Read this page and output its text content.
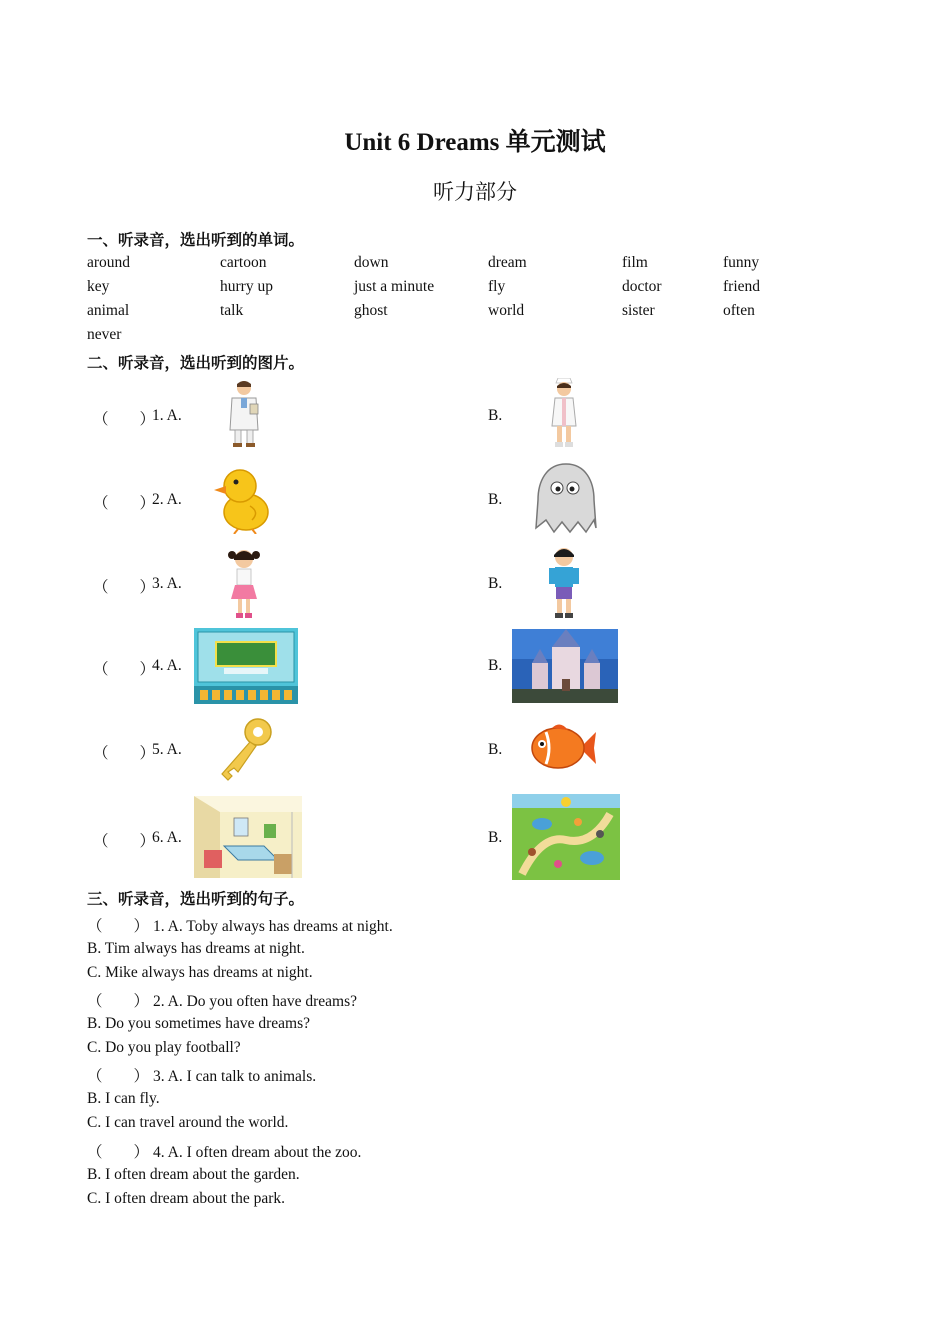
Unit 6 Dreams 单元测试
听力部分
一、听录音，选出听到的单词。
around	cartoon	down	dream	film	funny
key	hurry up	just a minute	fly	doctor	friend
animal	talk	ghost	world	sister	often
never
二、听录音，选出听到的图片。
（        ）
1. A.	B.
（        ）
2. A.	B.
（        ）
3. A.	B.
（        ）
4. A.	B.
（        ）
5. A.	B.
（        ）
6. A.	B.
三、听录音，选出听到的句子。
（        ） 1. A. Toby always has dreams at night.
B. Tim always has dreams at night.
C. Mike always has dreams at night.
（        ） 2. A. Do you often have dreams?
B. Do you sometimes have dreams?
C. Do you play football?
（        ） 3. A. I can talk to animals.
B. I can fly.
C. I can travel around the world.
（        ） 4. A. I often dream about the zoo.
B. I often dream about the garden.
C. I often dream about the park.
